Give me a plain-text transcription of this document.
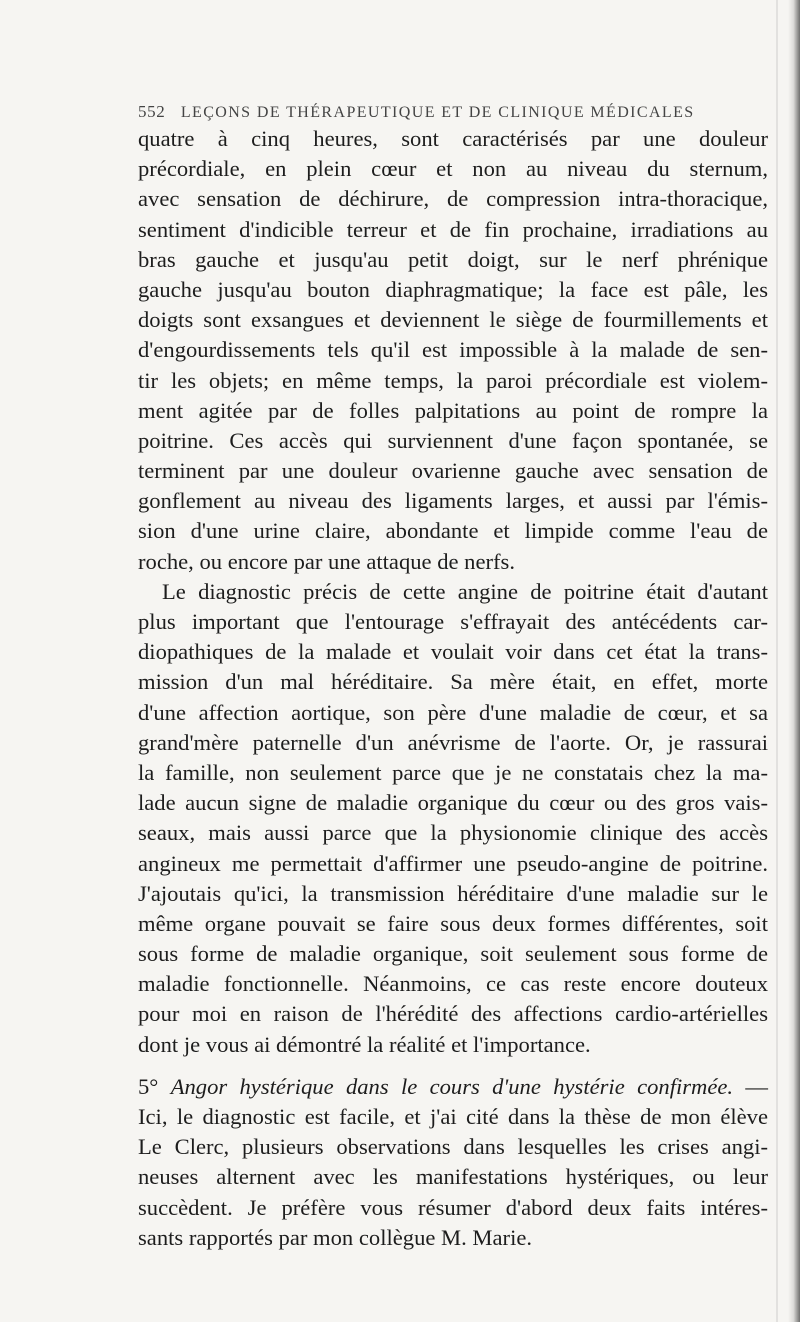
552 LEÇONS DE THÉRAPEUTIQUE ET DE CLINIQUE MÉDICALES
quatre à cinq heures, sont caractérisés par une douleur
précordiale, en plein cœur et non au niveau du sternum,
avec sensation de déchirure, de compression intra-thoracique,
sentiment d'indicible terreur et de fin prochaine, irradiations au
bras gauche et jusqu'au petit doigt, sur le nerf phrénique
gauche jusqu'au bouton diaphragmatique; la face est pâle, les
doigts sont exsangues et deviennent le siège de fourmillements et
d'engourdissements tels qu'il est impossible à la malade de sen-
tir les objets; en même temps, la paroi précordiale est violem-
ment agitée par de folles palpitations au point de rompre la
poitrine. Ces accès qui surviennent d'une façon spontanée, se
terminent par une douleur ovarienne gauche avec sensation de
gonflement au niveau des ligaments larges, et aussi par l'émis-
sion d'une urine claire, abondante et limpide comme l'eau de
roche, ou encore par une attaque de nerfs.
Le diagnostic précis de cette angine de poitrine était d'autant
plus important que l'entourage s'effrayait des antécédents car-
diopathiques de la malade et voulait voir dans cet état la trans-
mission d'un mal héréditaire. Sa mère était, en effet, morte
d'une affection aortique, son père d'une maladie de cœur, et sa
grand'mère paternelle d'un anévrisme de l'aorte. Or, je rassurai
la famille, non seulement parce que je ne constatais chez la ma-
lade aucun signe de maladie organique du cœur ou des gros vais-
seaux, mais aussi parce que la physionomie clinique des accès
angineux me permettait d'affirmer une pseudo-angine de poitrine.
J'ajoutais qu'ici, la transmission héréditaire d'une maladie sur le
même organe pouvait se faire sous deux formes différentes, soit
sous forme de maladie organique, soit seulement sous forme de
maladie fonctionnelle. Néanmoins, ce cas reste encore douteux
pour moi en raison de l'hérédité des affections cardio-artérielles
dont je vous ai démontré la réalité et l'importance.
5° Angor hystérique dans le cours d'une hystérie confirmée. —
Ici, le diagnostic est facile, et j'ai cité dans la thèse de mon élève
Le Clerc, plusieurs observations dans lesquelles les crises angi-
neuses alternent avec les manifestations hystériques, ou leur
succèdent. Je préfère vous résumer d'abord deux faits intéres-
sants rapportés par mon collègue M. Marie.
